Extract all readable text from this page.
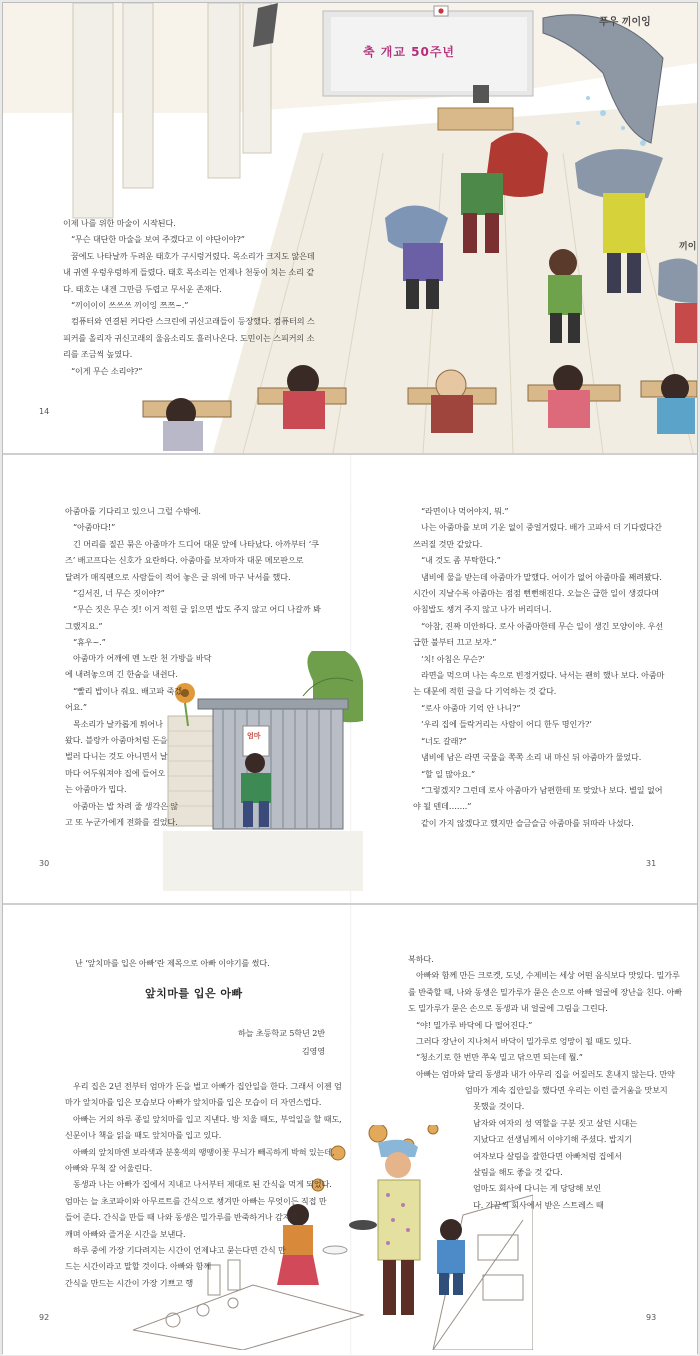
축 개교 50주년
푸우 끼이잉
끼이

이제 나를 위한 마술이 시작된다.

“무슨 대단한 마술을 보여 주겠다고 이 야단이야?”

꿈에도 나타날까 두려운 태호가 구시렁거렸다. 목소리가 크지도 않은데

내 귀엔 우렁우렁하게 들렸다. 태호 목소리는 언제나 천둥이 치는 소리 같

다. 태호는 내겐 그만큼 두렵고 무서운 존재다.

“끼이이이 쓰쓰쓰 끼이잉 쯔쯔~.”

컴퓨터와 연결된 커다란 스크린에 귀신고래들이 등장했다. 컴퓨터의 스

피커를 올리자 귀신고래의 울음소리도 흘러나온다. 도민이는 스피커의 소

리를 조금씩 높였다.

“이게 무슨 소리야?”

14
엄마

아줌마를 기다리고 있으니 그럴 수밖에.

“아줌마다!”

긴 머리를 질끈 묶은 아줌마가 드디어 대문 앞에 나타났다. 아까부터 ‘쿠

즈’ 배고프다는 신호가 요란하다. 아줌마를 보자마자 대문 메모판으로

달려가 매직펜으로 사람들이 적어 놓은 글 위에 마구 낙서를 했다.

“김서진, 너 무슨 짓이야?”

“무슨 짓은 무슨 짓! 이거 적힌 글 읽으면 밥도 주지 않고 어디 나갈까 봐

그랬지요.”

“휴우~.”

아줌마가 어깨에 멘 노란 천 가방을 바닥

에 내려놓으며 긴 한숨을 내쉰다.

“빨리 밥이나 줘요. 배고파 죽겠

어요.”

목소리가 날카롭게 튀어나

왔다. 블랑카 아줌마처럼 돈을

벌러 다니는 것도 아니면서 날

마다 어두워져야 집에 들어오

는 아줌마가 밉다.

아줌마는 밥 차려 줄 생각은 않

고 또 누군가에게 전화를 걸었다.

30

“라면이나 먹어야지, 뭐.”

나는 아줌마를 보며 기운 없이 중얼거렸다. 배가 고파서 더 기다렸다간

쓰러질 것만 같았다.

“내 것도 좀 부탁한다.”

냄비에 물을 받는데 아줌마가 말했다. 어이가 없어 아줌마를 째려봤다.

시간이 지날수록 아줌마는 점점 뻔뻔해진다. 오늘은 급한 일이 생겼다며

아침밥도 챙겨 주지 않고 나가 버리더니.

“아참, 진짜 미안하다. 로사 아줌마한테 무슨 일이 생긴 모양이야. 우선

급한 불부터 끄고 보자.”

‘치! 아침은 무슨?’

라면을 먹으며 나는 속으로 빈정거렸다. 낙서는 괜히 했나 보다. 아줌마

는 대문에 적힌 글을 다 기억하는 것 같다.

“로사 아줌마 기억 안 나니?”

‘우리 집에 들락거리는 사람이 어디 한두 명인가?’

“너도 갈래?”

냄비에 남은 라면 국물을 쪽쪽 소리 내 마신 뒤 아줌마가 물었다.

“할 일 많아요.”

“그렇겠지? 그런데 로사 아줌마가 남편한테 또 맞았나 보다. 별일 없어

야 될 텐데…….”

같이 가지 않겠다고 했지만 슬금슬금 아줌마를 뒤따라 나섰다.

31
난 ‘앞치마를 입은 아빠’란 제목으로 아빠 이야기를 썼다.
앞치마를 입은 아빠
하늘 초등학교 5학년 2반
김영영

우리 집은 2년 전부터 엄마가 돈을 벌고 아빠가 집안일을 한다. 그래서 이젠 엄

마가 앞치마를 입은 모습보다 아빠가 앞치마를 입은 모습이 더 자연스럽다.

아빠는 거의 하루 종일 앞치마를 입고 지낸다. 방 치울 때도, 부엌일을 할 때도,

신문이나 책을 읽을 때도 앞치마를 입고 있다.

아빠의 앞치마엔 보라색과 분홍색의 땡땡이꽃 무늬가 빼곡하게 박혀 있는데,

아빠와 무척 잘 어울린다.

동생과 나는 아빠가 집에서 지내고 나서부터 제대로 된 간식을 먹게 되었다.

엄마는 늘 초코파이와 아무르트를 간식으로 챙겨만 아빠는 무엇이든 직접 만

들어 준다. 간식을 만들 때 나와 동생은 밀가루를 반죽하거나 감자를 으

깨며 아빠와 즐거운 시간을 보낸다.

하루 중에 가장 기다려지는 시간이 언제냐고 묻는다면 간식 만

드는 시간이라고 말할 것이다. 아빠와 함께

간식을 만드는 시간이 가장 기쁘고 행

92

복하다.

아빠와 함께 만든 크로켓, 도넛, 수제비는 세상 어떤 음식보다 맛있다. 밀가루

를 반죽할 때, 나와 동생은 밀가루가 묻은 손으로 아빠 얼굴에 장난을 친다. 아빠

도 밀가루가 묻은 손으로 동생과 내 얼굴에 그림을 그린다.

“야! 밀가루 바닥에 다 떨어진다.”

그러다 장난이 지나쳐서 바닥이 밀가루로 엉망이 될 때도 있다.

“청소기로 한 번만 쭈욱 밀고 닦으면 되는데 뭘.”

아빠는 엄마와 달리 동생과 내가 아무리 집을 어질러도 혼내지 않는다. 만약

엄마가 계속 집안일을 했다면 우리는 이런 즐거움을 맛보지

못했을 것이다.

남자와 여자의 성 역할을 구분 짓고 살던 시대는

지났다고 선생님께서 이야기해 주셨다. 밥지기

여자보다 살림을 잘한다면 아빠처럼 집에서

살림을 해도 좋을 것 같다.

엄마도 회사에 다니는 게 당당해 보인

다. 가끔씩 회사에서 받은 스트레스 때

93
